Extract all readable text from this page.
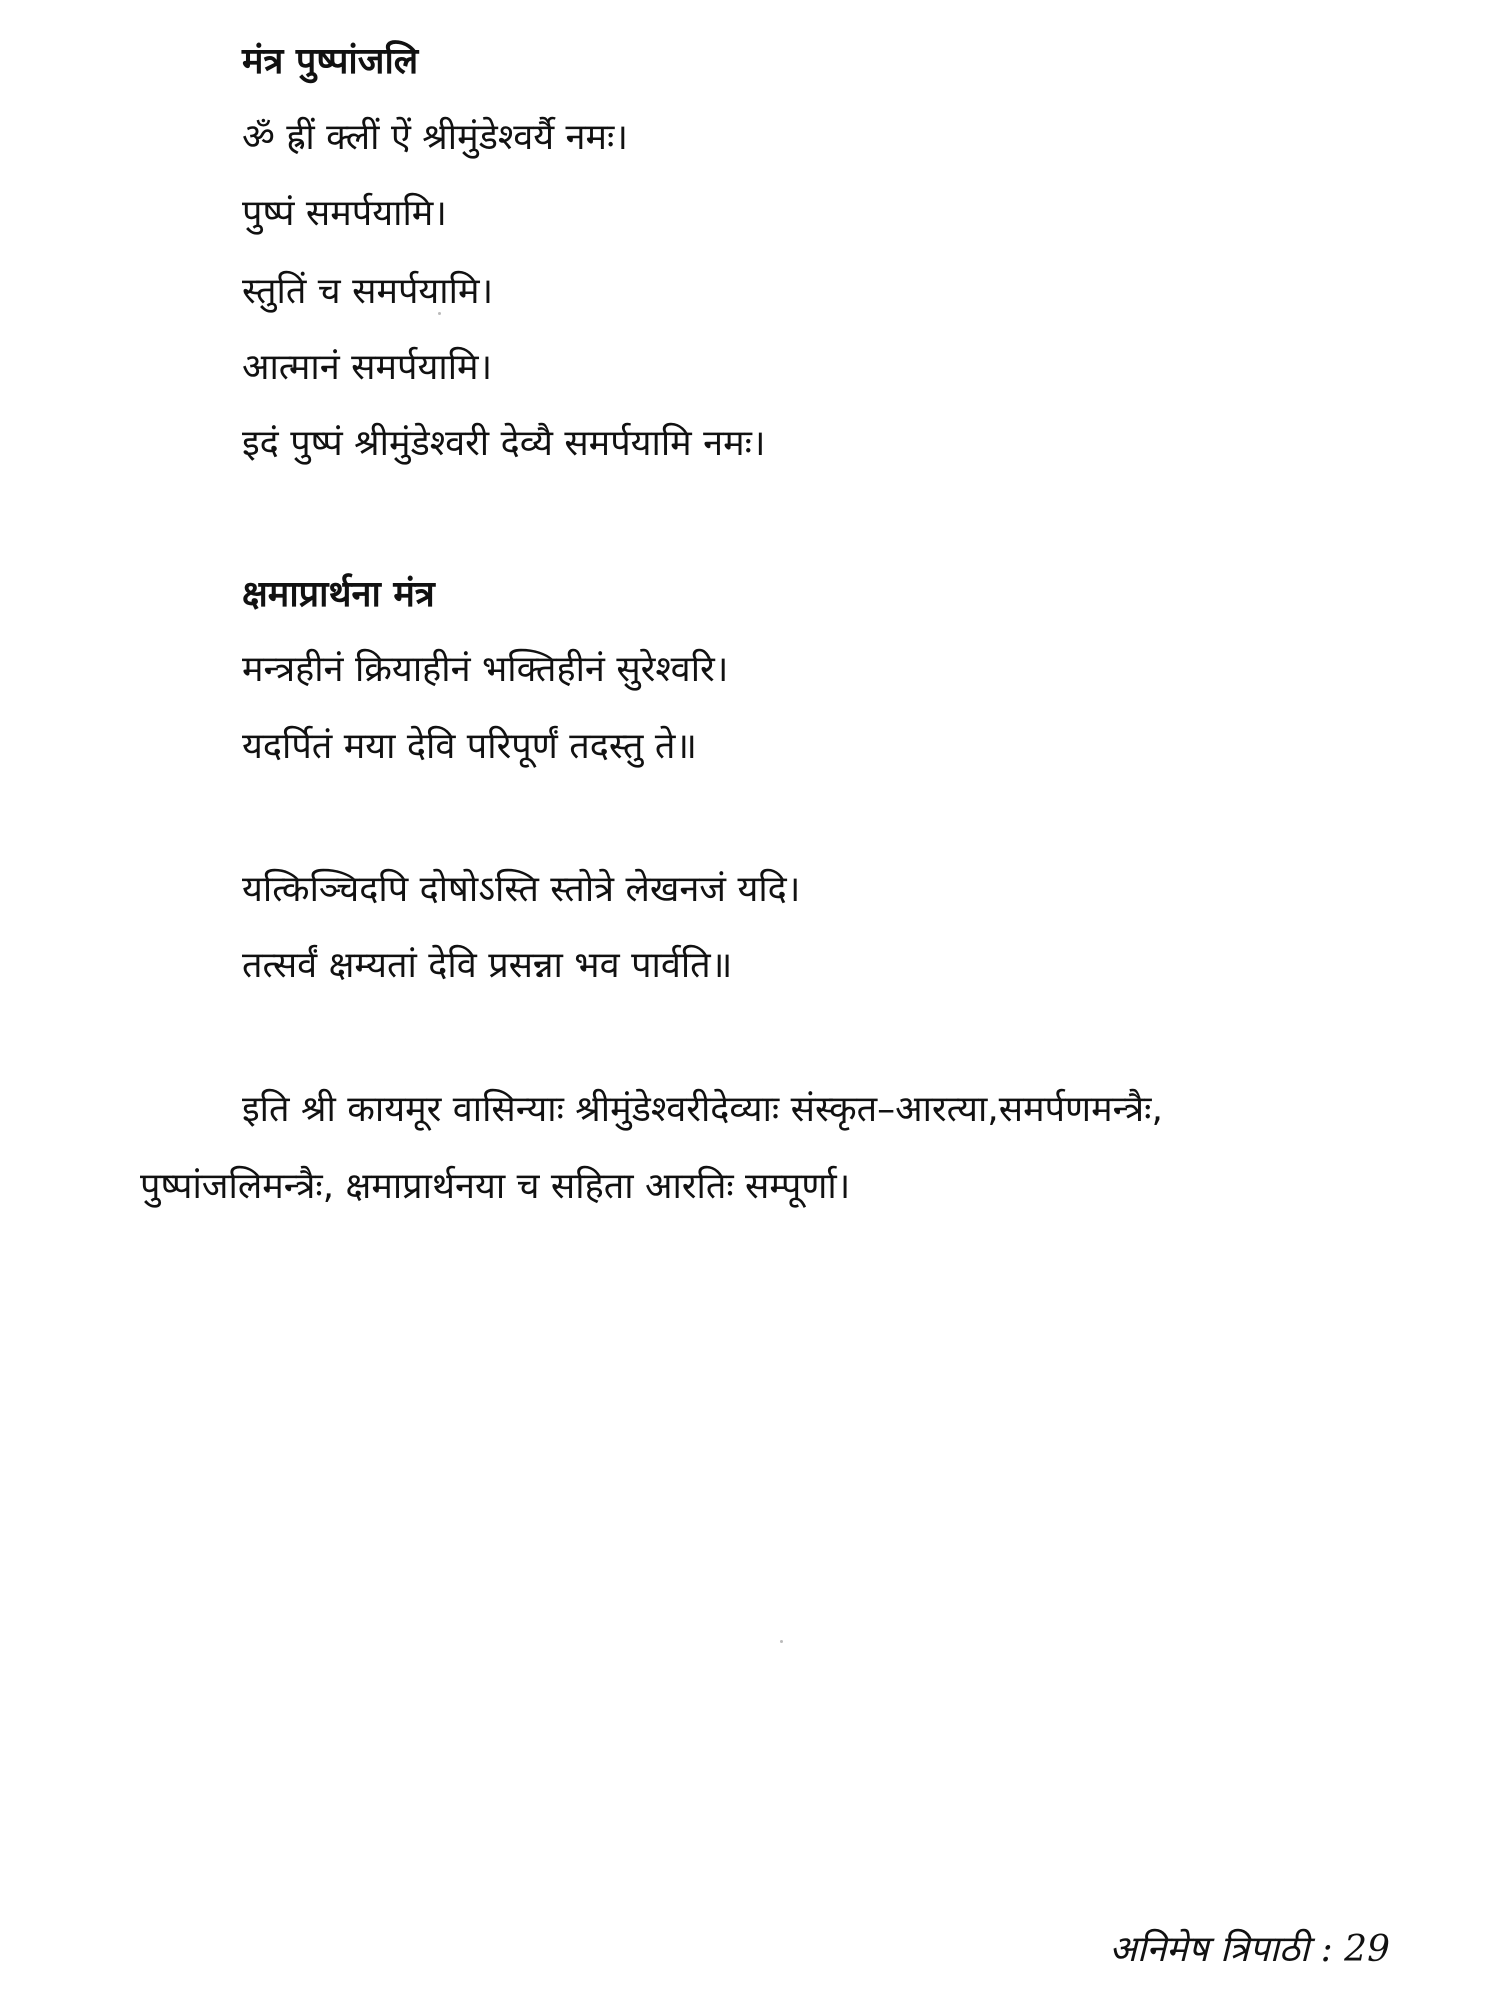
मंत्र पुष्पांजलि
ॐ ह्रीं क्लीं ऐं श्रीमुंडेश्वर्यै नमः।
पुष्पं समर्पयामि।
स्तुतिं च समर्पयामि।
आत्मानं समर्पयामि।
इदं पुष्पं श्रीमुंडेश्वरी देव्यै समर्पयामि नमः।
क्षमाप्रार्थना मंत्र
मन्त्रहीनं क्रियाहीनं भक्तिहीनं सुरेश्वरि।
यदर्पितं मया देवि परिपूर्णं तदस्तु ते॥
यत्किञ्चिदपि दोषोऽस्ति स्तोत्रे लेखनजं यदि।
तत्सर्वं क्षम्यतां देवि प्रसन्ना भव पार्वति॥
इति श्री कायमूर वासिन्याः श्रीमुंडेश्वरीदेव्याः संस्कृत–आरत्या,समर्पणमन्त्रैः,
पुष्पांजलिमन्त्रैः, क्षमाप्रार्थनया च सहिता आरतिः सम्पूर्णा।
अनिमेष त्रिपाठी : 29
